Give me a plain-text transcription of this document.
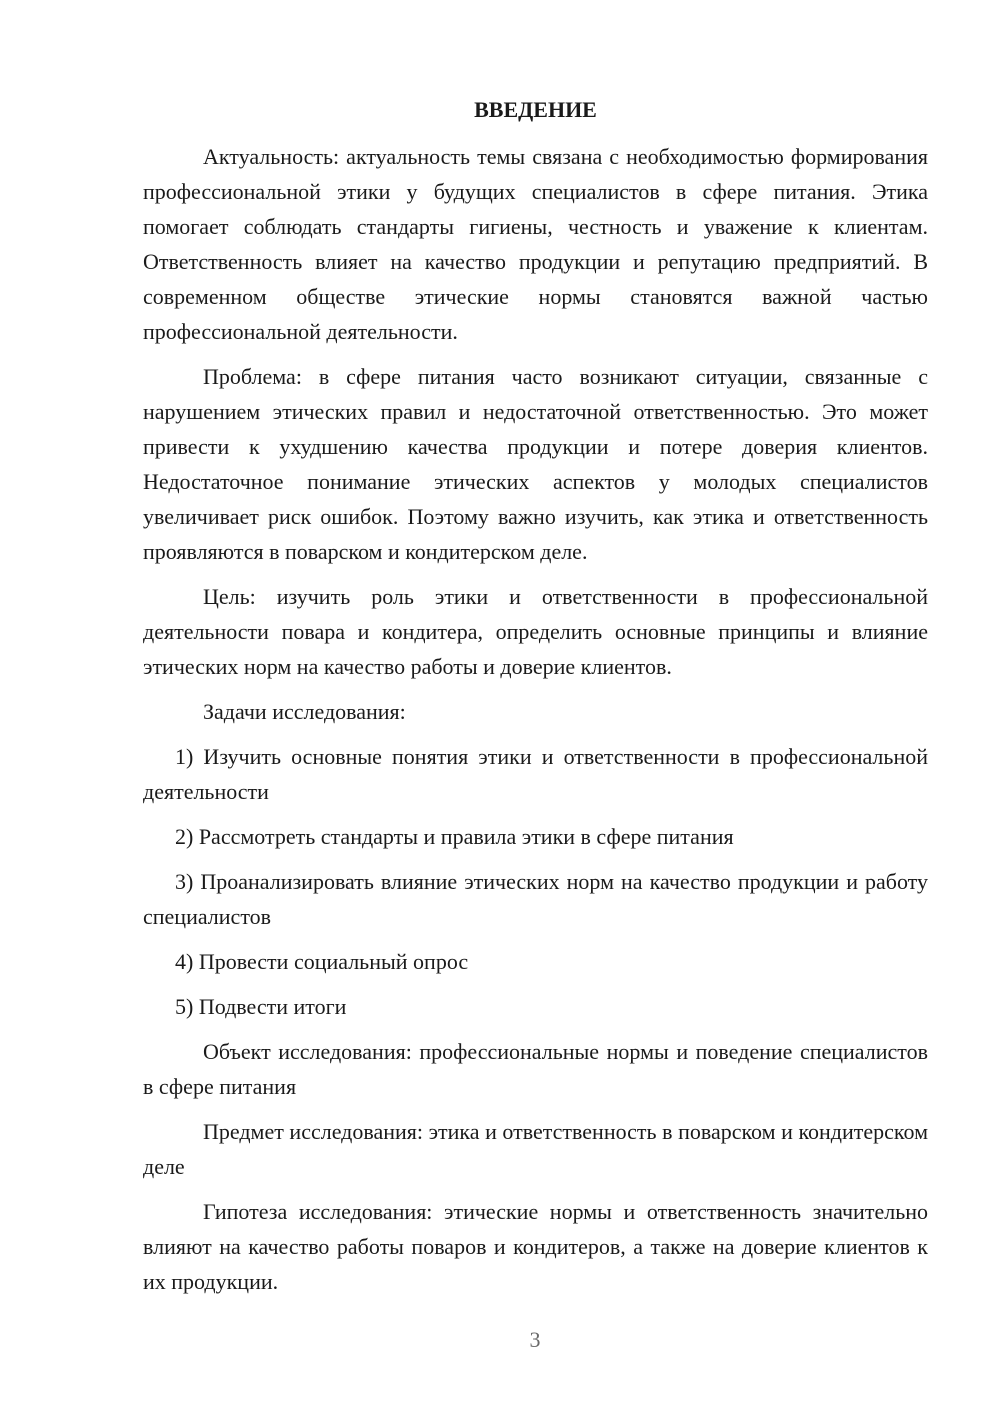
ВВЕДЕНИЕ

Актуальность: актуальность темы связана с необходимостью формирования профессиональной этики у будущих специалистов в сфере питания. Этика помогает соблюдать стандарты гигиены, честность и уважение к клиентам. Ответственность влияет на качество продукции и репутацию предприятий. В современном обществе этические нормы становятся важной частью профессиональной деятельности.

Проблема: в сфере питания часто возникают ситуации, связанные с нарушением этических правил и недостаточной ответственностью. Это может привести к ухудшению качества продукции и потере доверия клиентов. Недостаточное понимание этических аспектов у молодых специалистов увеличивает риск ошибок. Поэтому важно изучить, как этика и ответственность проявляются в поварском и кондитерском деле.

Цель: изучить роль этики и ответственности в профессиональной деятельности повара и кондитера, определить основные принципы и влияние этических норм на качество работы и доверие клиентов.

Задачи исследования:

1) Изучить основные понятия этики и ответственности в профессиональной деятельности

2) Рассмотреть стандарты и правила этики в сфере питания

3) Проанализировать влияние этических норм на качество продукции и работу специалистов

4) Провести социальный опрос

5) Подвести итоги

Объект исследования: профессиональные нормы и поведение специалистов в сфере питания

Предмет исследования: этика и ответственность в поварском и кондитерском деле

Гипотеза исследования: этические нормы и ответственность значительно влияют на качество работы поваров и кондитеров, а также на доверие клиентов к их продукции.

3
